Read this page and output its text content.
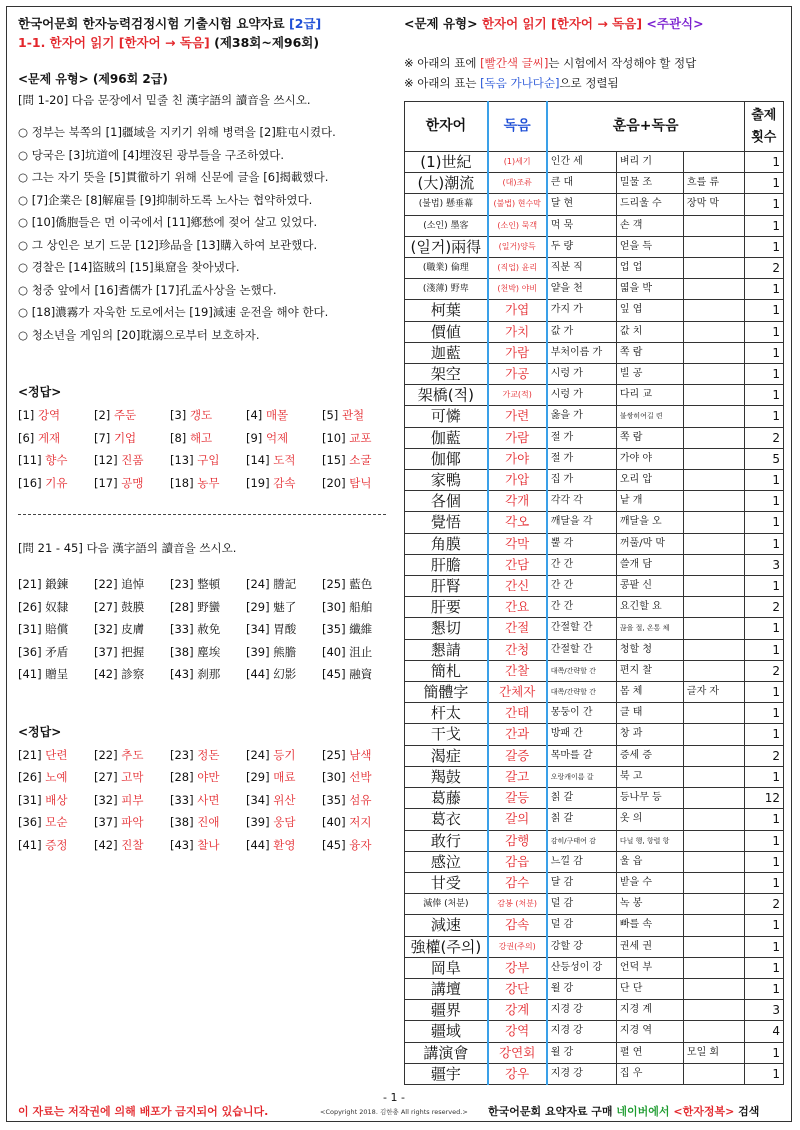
한국어문회 한자능력검정시험 기출시험 요약자료 [2급]
1-1. 한자어 읽기 [한자어 → 독음] (제38회~제96회)
<문제 유형> (제96회 2급)
[問 1-20] 다음 문장에서 밑줄 친 漢字語의 讀音을 쓰시오.
○ 정부는 북쪽의 [1]疆域을 지키기 위해 병력을 [2]駐屯시켰다.
○ 당국은 [3]坑道에 [4]埋沒된 광부들을 구조하였다.
○ 그는 자기 뜻을 [5]貫徹하기 위해 신문에 글을 [6]揭載했다.
○ [7]企業은 [8]解雇를 [9]抑制하도록 노사는 협약하였다.
○ [10]僑胞들은 먼 이국에서 [11]鄕愁에 젖어 살고 있었다.
○ 그 상인은 보기 드문 [12]珍品을 [13]購入하여 보관했다.
○ 경찰은 [14]盜賊의 [15]巢窟을 찾아냈다.
○ 청중 앞에서 [16]耆儒가 [17]孔孟사상을 논했다.
○ [18]濃霧가 자욱한 도로에서는 [19]減速 운전을 해야 한다.
○ 청소년을 게임의 [20]耽溺으로부터 보호하자.
<정답>
[1] 강역	[2] 주둔	[3] 갱도	[4] 매몰	[5] 관철
[6] 게재	[7] 기업	[8] 해고	[9] 억제	[10] 교포
[11] 향수	[12] 진품	[13] 구입	[14] 도적	[15] 소굴
[16] 기유	[17] 공맹	[18] 농무	[19] 감속	[20] 탐닉
[問 21 - 45] 다음 漢字語의 讀音을 쓰시오.
[21] 鍛鍊	[22] 追悼	[23] 整頓	[24] 謄記	[25] 藍色
[26] 奴隸	[27] 鼓膜	[28] 野蠻	[29] 魅了	[30] 船舶
[31] 賠償	[32] 皮膚	[33] 赦免	[34] 胃酸	[35] 纖維
[36] 矛盾	[37] 把握	[38] 塵埃	[39] 熊膽	[40] 沮止
[41] 贈呈	[42] 診察	[43] 刹那	[44] 幻影	[45] 融資
<정답>
[21] 단련	[22] 추도	[23] 정돈	[24] 등기	[25] 남색
[26] 노예	[27] 고막	[28] 야만	[29] 매료	[30] 선박
[31] 배상	[32] 피부	[33] 사면	[34] 위산	[35] 섬유
[36] 모순	[37] 파악	[38] 진애	[39] 웅담	[40] 저지
[41] 증정	[42] 진찰	[43] 찰나	[44] 환영	[45] 융자
<문제 유형> 한자어 읽기 [한자어 → 독음] <주관식>
※ 아래의 표에 [빨간색 글씨]는 시험에서 작성해야 할 정답
※ 아래의 표는 [독음 가나다순]으로 정렬됨
한자어	독음	훈음+독음			출제 횟수
(1)世紀	(1)세기	인간 세	벼리 기		1
(大)潮流	(대)조류	큰 대	밀물 조	흐를 류	1
(불법) 懸垂幕	(불법) 현수막	달 현	드리울 수	장막 막	1
(소인) 墨客	(소인) 묵객	먹 묵	손 객		1
(일거)兩得	(일거)양득	두 량	얻을 득		1
(職業) 倫理	(직업) 윤리	직분 직	업 업		2
(淺薄) 野卑	(천박) 야비	얕을 천	엷을 박		1
柯葉	가엽	가지 가	잎 엽		1
價値	가치	값 가	값 치		1
迦藍	가람	부처이름 가	쪽 람		1
架空	가공	시렁 가	빌 공		1
架橋(적)	가교(적)	시렁 가	다리 교		1
可憐	가련	옳을 가	불쌍히여길 련		1
伽藍	가람	절 가	쪽 람		2
伽倻	가야	절 가	가야 야		5
家鴨	가압	집 가	오리 압		1
各個	각개	각각 각	낱 개		1
覺悟	각오	깨달을 각	깨달을 오		1
角膜	각막	뿔 각	꺼풀/막 막		1
肝膽	간담	간 간	쓸개 담		3
肝腎	간신	간 간	콩팥 신		1
肝要	간요	간 간	요긴할 요		2
懇切	간절	간절할 간	끊을 절, 온통 체		1
懇請	간청	간절할 간	청할 청		1
簡札	간찰	대쪽/간략할 간	편지 찰		2
簡體字	간체자	대쪽/간략할 간	몸 체	글자 자	1
杆太	간태	몽둥이 간	클 태		1
干戈	간과	방패 간	창 과		1
渴症	갈증	목마를 갈	증세 증		2
羯鼓	갈고	오랑캐이름 갈	북 고		1
葛藤	갈등	칡 갈	등나무 등		12
葛衣	갈의	칡 갈	옷 의		1
敢行	감행	감히/구태여 감	다닐 행, 항렬 항		1
感泣	감읍	느낄 감	울 읍		1
甘受	감수	달 감	받을 수		1
減俸 (처분)	감봉 (처분)	덜 감	녹 봉		2
減速	감속	덜 감	빠를 속		1
強權(주의)	강권(주의)	강할 강	권세 권		1
岡阜	강부	산등성이 강	언덕 부		1
講壇	강단	욀 강	단 단		1
疆界	강계	지경 강	지경 계		3
疆域	강역	지경 강	지경 역		4
講演會	강연회	욀 강	펼 연	모일 회	1
疆宇	강우	지경 강	집 우		1
- 1 -
이 자료는 저작권에 의해 배포가 금지되어 있습니다.	<Copyright 2018. 김한충 All rights reserved.> 한국어문회 요약자료 구매 네이버에서 <한자정복> 검색
